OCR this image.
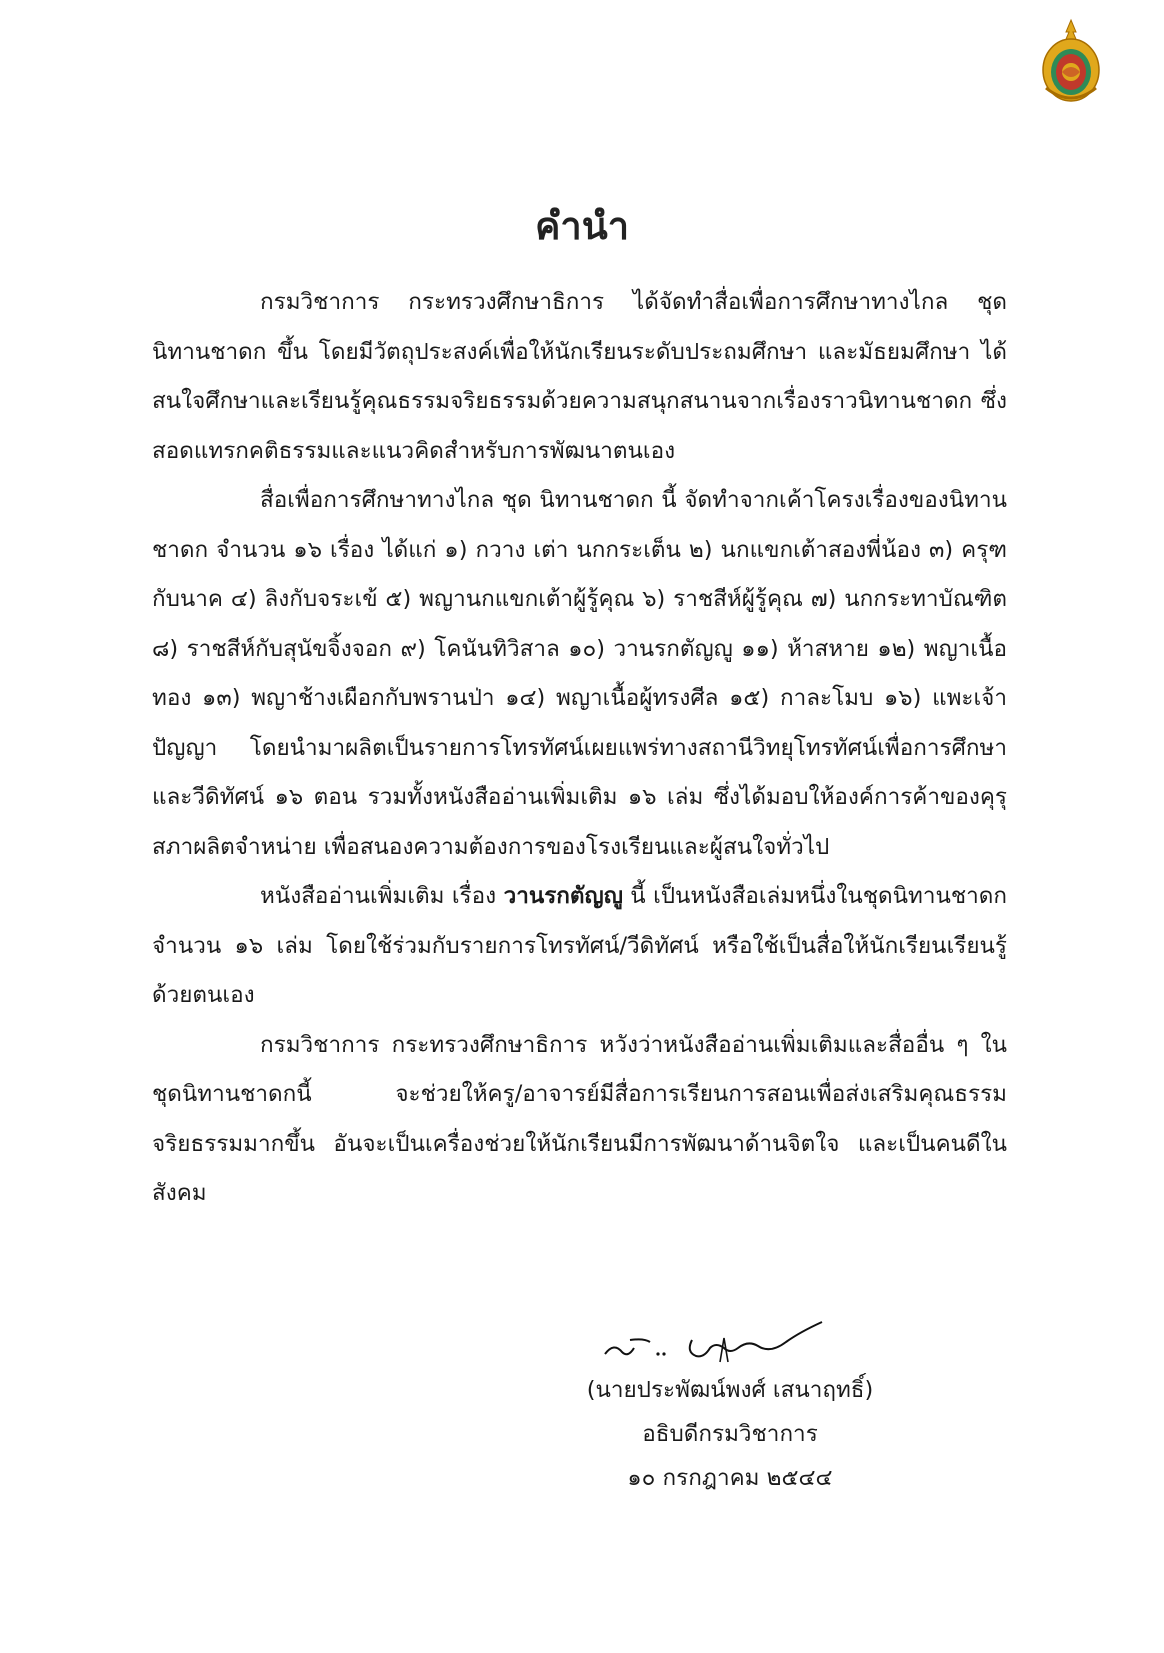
คำนำ

กรมวิชาการ กระทรวงศึกษาธิการ ได้จัดทำสื่อเพื่อการศึกษาทางไกล ชุด นิทานชาดก ขึ้น โดยมีวัตถุประสงค์เพื่อให้นักเรียนระดับประถมศึกษา และมัธยมศึกษา ได้สนใจศึกษาและเรียนรู้คุณธรรมจริยธรรมด้วยความสนุกสนานจากเรื่องราวนิทานชาดก ซึ่งสอดแทรกคติธรรมและแนวคิดสำหรับการพัฒนาตนเอง

สื่อเพื่อการศึกษาทางไกล ชุด นิทานชาดก นี้ จัดทำจากเค้าโครงเรื่องของนิทานชาดก จำนวน ๑๖ เรื่อง ได้แก่ ๑) กวาง เต่า นกกระเต็น ๒) นกแขกเต้าสองพี่น้อง ๓) ครุฑกับนาค ๔) ลิงกับจระเข้ ๕) พญานกแขกเต้าผู้รู้คุณ ๖) ราชสีห์ผู้รู้คุณ ๗) นกกระทาบัณฑิต ๘) ราชสีห์กับสุนัขจิ้งจอก ๙) โคนันทิวิสาล ๑๐) วานรกตัญญู ๑๑) ห้าสหาย ๑๒) พญาเนื้อทอง ๑๓) พญาช้างเผือกกับพรานป่า ๑๔) พญาเนื้อผู้ทรงศีล ๑๕) กาละโมบ ๑๖) แพะเจ้าปัญญา โดยนำมาผลิตเป็นรายการโทรทัศน์เผยแพร่ทางสถานีวิทยุโทรทัศน์เพื่อการศึกษา และวีดิทัศน์ ๑๖ ตอน รวมทั้งหนังสืออ่านเพิ่มเติม ๑๖ เล่ม ซึ่งได้มอบให้องค์การค้าของคุรุสภาผลิตจำหน่าย เพื่อสนองความต้องการของโรงเรียนและผู้สนใจทั่วไป

หนังสืออ่านเพิ่มเติม เรื่อง วานรกตัญญู นี้ เป็นหนังสือเล่มหนึ่งในชุดนิทานชาดก จำนวน ๑๖ เล่ม โดยใช้ร่วมกับรายการโทรทัศน์/วีดิทัศน์ หรือใช้เป็นสื่อให้นักเรียนเรียนรู้ด้วยตนเอง

กรมวิชาการ กระทรวงศึกษาธิการ หวังว่าหนังสืออ่านเพิ่มเติมและสื่ออื่น ๆ ในชุดนิทานชาดกนี้ จะช่วยให้ครู/อาจารย์มีสื่อการเรียนการสอนเพื่อส่งเสริมคุณธรรม จริยธรรมมากขึ้น อันจะเป็นเครื่องช่วยให้นักเรียนมีการพัฒนาด้านจิตใจ และเป็นคนดีในสังคม

(นายประพัฒน์พงศ์ เสนาฤทธิ์)

อธิบดีกรมวิชาการ

๑๐ กรกฎาคม ๒๕๔๔
